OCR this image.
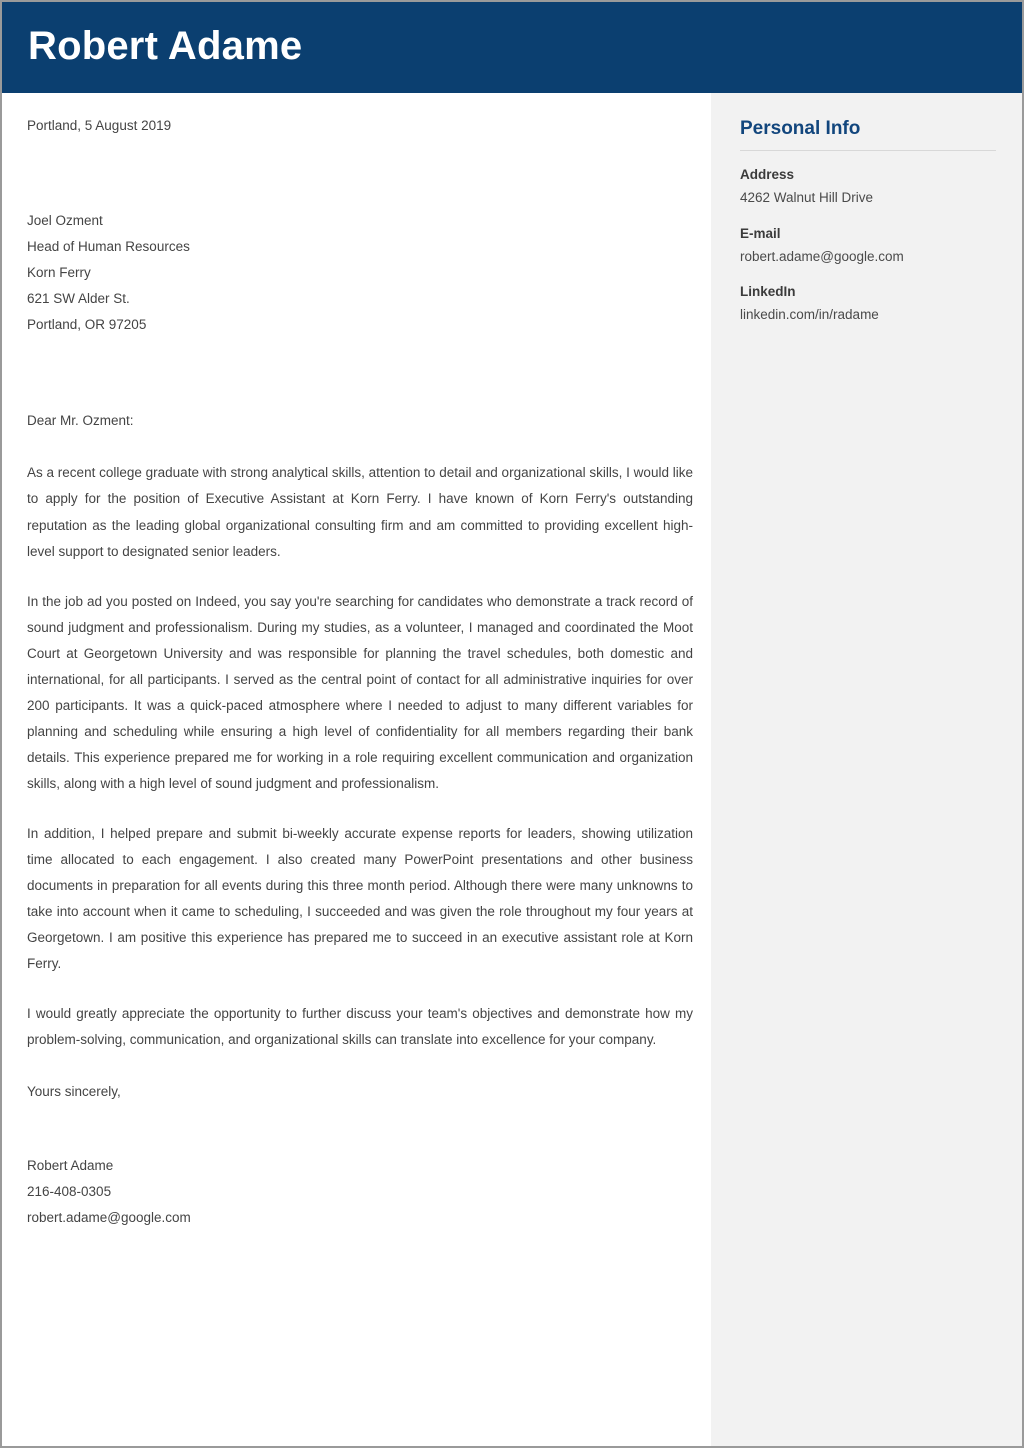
Robert Adame
Portland, 5 August 2019
Joel Ozment
Head of Human Resources
Korn Ferry
621 SW Alder St.
Portland, OR 97205
Dear Mr. Ozment:

As a recent college graduate with strong analytical skills, attention to detail and organizational skills, I would like to apply for the position of Executive Assistant at Korn Ferry. I have known of Korn Ferry's outstanding reputation as the leading global organizational consulting firm and am committed to providing excellent high-level support to designated senior leaders.

In the job ad you posted on Indeed, you say you're searching for candidates who demonstrate a track record of sound judgment and professionalism. During my studies, as a volunteer, I managed and coordinated the Moot Court at Georgetown University and was responsible for planning the travel schedules, both domestic and international, for all participants. I served as the central point of contact for all administrative inquiries for over 200 participants. It was a quick-paced atmosphere where I needed to adjust to many different variables for planning and scheduling while ensuring a high level of confidentiality for all members regarding their bank details. This experience prepared me for working in a role requiring excellent communication and organization skills, along with a high level of sound judgment and professionalism.

In addition, I helped prepare and submit bi-weekly accurate expense reports for leaders, showing utilization time allocated to each engagement. I also created many PowerPoint presentations and other business documents in preparation for all events during this three month period. Although there were many unknowns to take into account when it came to scheduling, I succeeded and was given the role throughout my four years at Georgetown. I am positive this experience has prepared me to succeed in an executive assistant role at Korn Ferry.

I would greatly appreciate the opportunity to further discuss your team's objectives and demonstrate how my problem-solving, communication, and organizational skills can translate into excellence for your company.

Yours sincerely,
Robert Adame
216-408-0305
robert.adame@google.com
Personal Info
Address
4262 Walnut Hill Drive
E-mail
robert.adame@google.com
LinkedIn
linkedin.com/in/radame
